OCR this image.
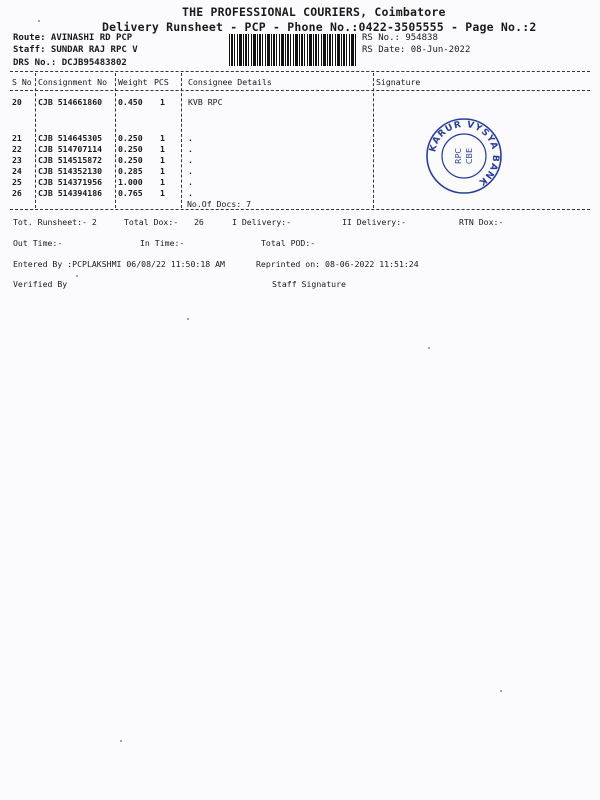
THE PROFESSIONAL COURIERS, Coimbatore
Delivery Runsheet - PCP - Phone No.:0422-3505555 - Page No.:2
Route: AVINASHI RD PCP
Staff: SUNDAR RAJ RPC V
DRS No.: DCJB95483802
RS No.: 954838
RS Date: 08-Jun-2022
S No Consignment No Weight PCS Consignee Details	Signature
20 CJB 514661860 0.450 1	KVB RPC
21 CJB 514645305 0.250 1	.
22 CJB 514707114 0.250 1	.
23 CJB 514515872 0.250 1	.
24 CJB 514352130 0.285 1	.
25 CJB 514371956 1.000 1	.
26 CJB 514394186 0.765 1	.
No.Of Docs: 7
KARUR VYSYA BANK
RPC CBE
Tot. Runsheet:- 2	Total Dox:- 26	I Delivery:-	II Delivery:-	RTN Dox:-
Out Time:-	In Time:-	Total POD:-
Entered By :PCPLAKSHMI 06/08/22 11:50:18 AM	Reprinted on: 08-06-2022 11:51:24
Verified By	Staff Signature
